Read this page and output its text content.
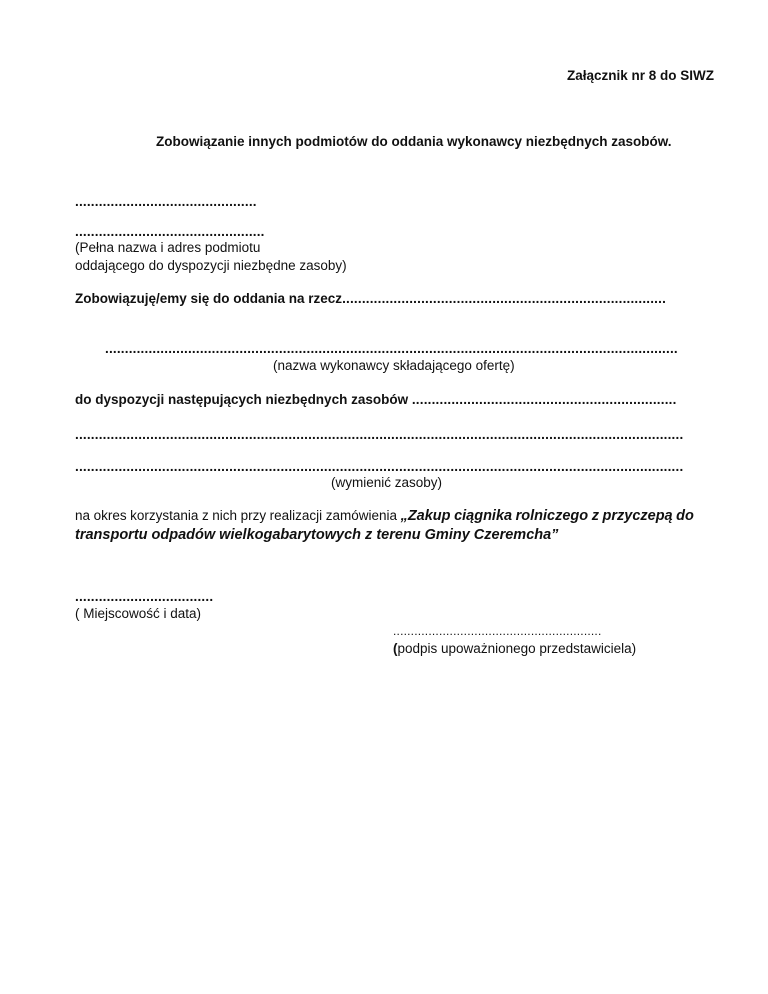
Załącznik nr 8 do SIWZ
Zobowiązanie innych podmiotów do oddania wykonawcy niezbędnych zasobów.
..............................................
................................................
(Pełna nazwa i adres podmiotu
oddającego do dyspozycji niezbędne zasoby)
Zobowiązuję/emy się do oddania na rzecz..................................................................................
.................................................................................................................................................
(nazwa wykonawcy składającego ofertę)
do dyspozycji następujących niezbędnych zasobów ...................................................................
..........................................................................................................................................................
..........................................................................................................................................................
(wymienić zasoby)
na okres korzystania z nich przy realizacji zamówienia „Zakup ciągnika rolniczego z przyczepą do
transportu odpadów wielkogabarytowych z terenu Gminy Czeremcha”
...................................
( Miejscowość i data)
...........................................................
(podpis upoważnionego przedstawiciela)
